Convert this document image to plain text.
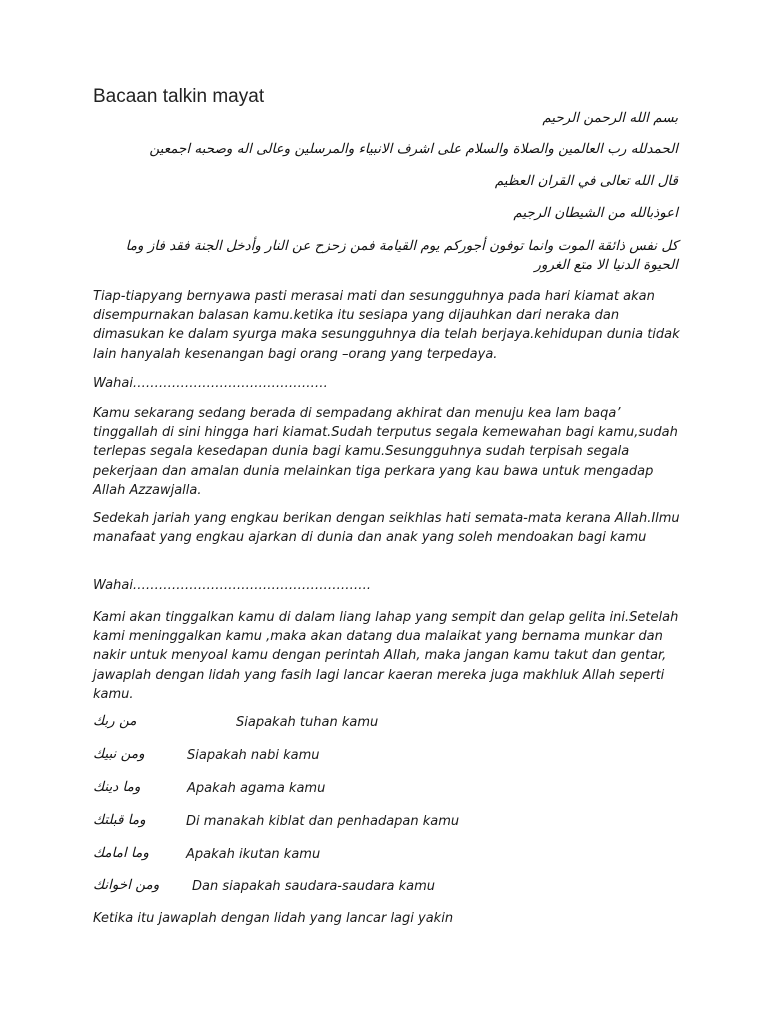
Bacaan talkin mayat

بسم الله الرحمن الرحيم

الحمدلله رب العالمين والصلاة والسلام على اشرف الانبياء والمرسلين وعالى اله وصحبه اجمعين

قال الله تعالى في القران العظيم

اعوذبالله من الشيطان الرجيم

كل نفس ذائقة الموت وانما توفون أجوركم يوم القيامة فمن زحزح عن النار وأدخل الجنة فقد فاز وما الحيوة الدنيا الا متع الغرور

Tiap-tiapyang bernyawa pasti merasai mati dan sesungguhnya pada hari kiamat akan disempurnakan balasan kamu.ketika itu sesiapa yang dijauhkan dari neraka dan dimasukan ke dalam syurga maka sesungguhnya dia telah berjaya.kehidupan dunia tidak lain hanyalah kesenangan bagi orang –orang yang terpedaya.

Wahai………………………………………

Kamu sekarang sedang berada di sempadang akhirat dan menuju kea lam baqa’ tinggallah di sini hingga hari kiamat.Sudah terputus segala kemewahan bagi kamu,sudah terlepas segala kesedapan dunia bagi kamu.Sesungguhnya sudah terpisah segala pekerjaan dan amalan dunia melainkan tiga perkara yang kau bawa untuk mengadap Allah Azzawjalla.

Sedekah jariah yang engkau berikan dengan seikhlas hati semata-mata kerana Allah.Ilmu manafaat yang engkau ajarkan di dunia dan anak yang soleh mendoakan bagi kamu

Wahai……………………………………………….

Kami akan tinggalkan kamu di dalam liang lahap yang sempit dan gelap gelita ini.Setelah kami meninggalkan kamu ,maka akan datang dua malaikat yang bernama munkar dan nakir untuk menyoal kamu dengan perintah Allah, maka jangan kamu takut dan gentar, jawaplah dengan lidah yang fasih lagi lancar kaeran mereka juga makhluk Allah seperti kamu.

من ربك	Siapakah tuhan kamu
ومن نبيك	Siapakah nabi kamu
وما دينك	Apakah agama kamu
وما قبلتك	Di manakah kiblat dan penhadapan kamu
وما امامك	Apakah ikutan kamu
ومن اخوانك	Dan siapakah saudara-saudara kamu

Ketika itu jawaplah dengan lidah yang lancar lagi yakin
